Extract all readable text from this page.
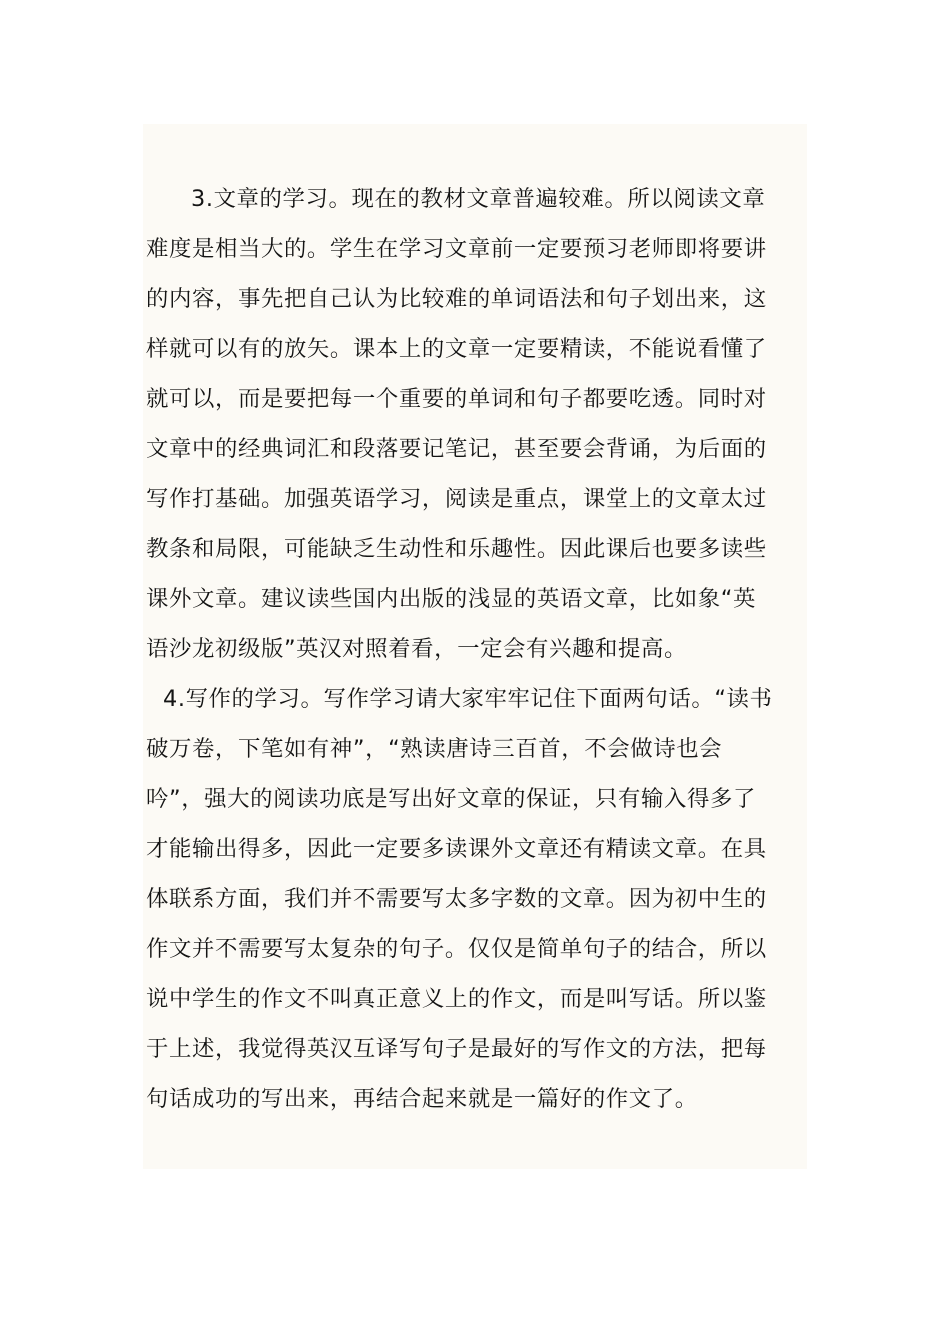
3.文章的学习。现在的教材文章普遍较难。所以阅读文章

难度是相当大的。学生在学习文章前一定要预习老师即将要讲

的内容，事先把自己认为比较难的单词语法和句子划出来，这

样就可以有的放矢。课本上的文章一定要精读，不能说看懂了

就可以，而是要把每一个重要的单词和句子都要吃透。同时对

文章中的经典词汇和段落要记笔记，甚至要会背诵，为后面的

写作打基础。加强英语学习，阅读是重点，课堂上的文章太过

教条和局限，可能缺乏生动性和乐趣性。因此课后也要多读些

课外文章。建议读些国内出版的浅显的英语文章，比如象“英

语沙龙初级版”英汉对照着看，一定会有兴趣和提高。

4.写作的学习。写作学习请大家牢牢记住下面两句话。“读书

破万卷，下笔如有神”，“熟读唐诗三百首，不会做诗也会

吟”，强大的阅读功底是写出好文章的保证，只有输入得多了

才能输出得多，因此一定要多读课外文章还有精读文章。在具

体联系方面，我们并不需要写太多字数的文章。因为初中生的

作文并不需要写太复杂的句子。仅仅是简单句子的结合，所以

说中学生的作文不叫真正意义上的作文，而是叫写话。所以鉴

于上述，我觉得英汉互译写句子是最好的写作文的方法，把每

句话成功的写出来，再结合起来就是一篇好的作文了。
